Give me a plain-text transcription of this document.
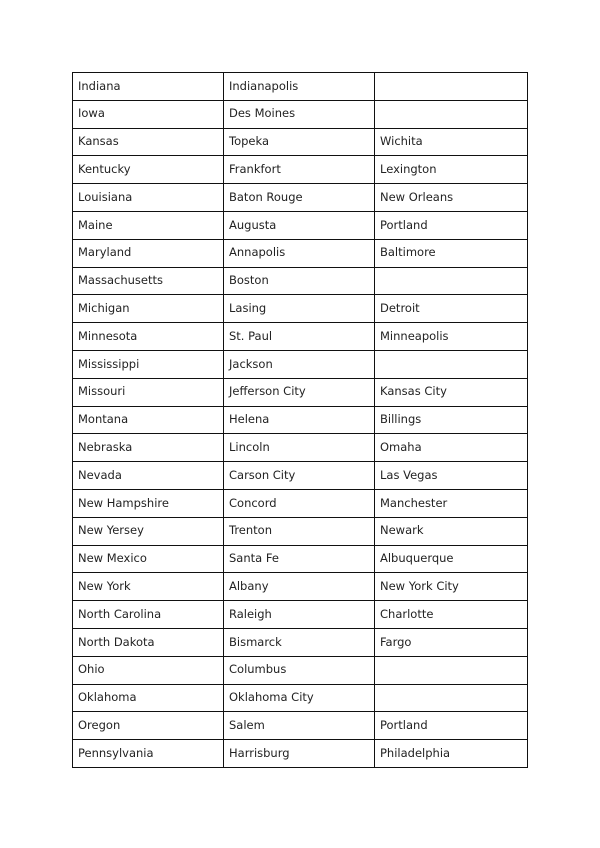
Indiana	Indianapolis	
Iowa	Des Moines	
Kansas	Topeka	Wichita
Kentucky	Frankfort	Lexington
Louisiana	Baton Rouge	New Orleans
Maine	Augusta	Portland
Maryland	Annapolis	Baltimore
Massachusetts	Boston	
Michigan	Lasing	Detroit
Minnesota	St. Paul	Minneapolis
Mississippi	Jackson	
Missouri	Jefferson City	Kansas City
Montana	Helena	Billings
Nebraska	Lincoln	Omaha
Nevada	Carson City	Las Vegas
New Hampshire	Concord	Manchester
New Yersey	Trenton	Newark
New Mexico	Santa Fe	Albuquerque
New York	Albany	New York City
North Carolina	Raleigh	Charlotte
North Dakota	Bismarck	Fargo
Ohio	Columbus	
Oklahoma	Oklahoma City	
Oregon	Salem	Portland
Pennsylvania	Harrisburg	Philadelphia
